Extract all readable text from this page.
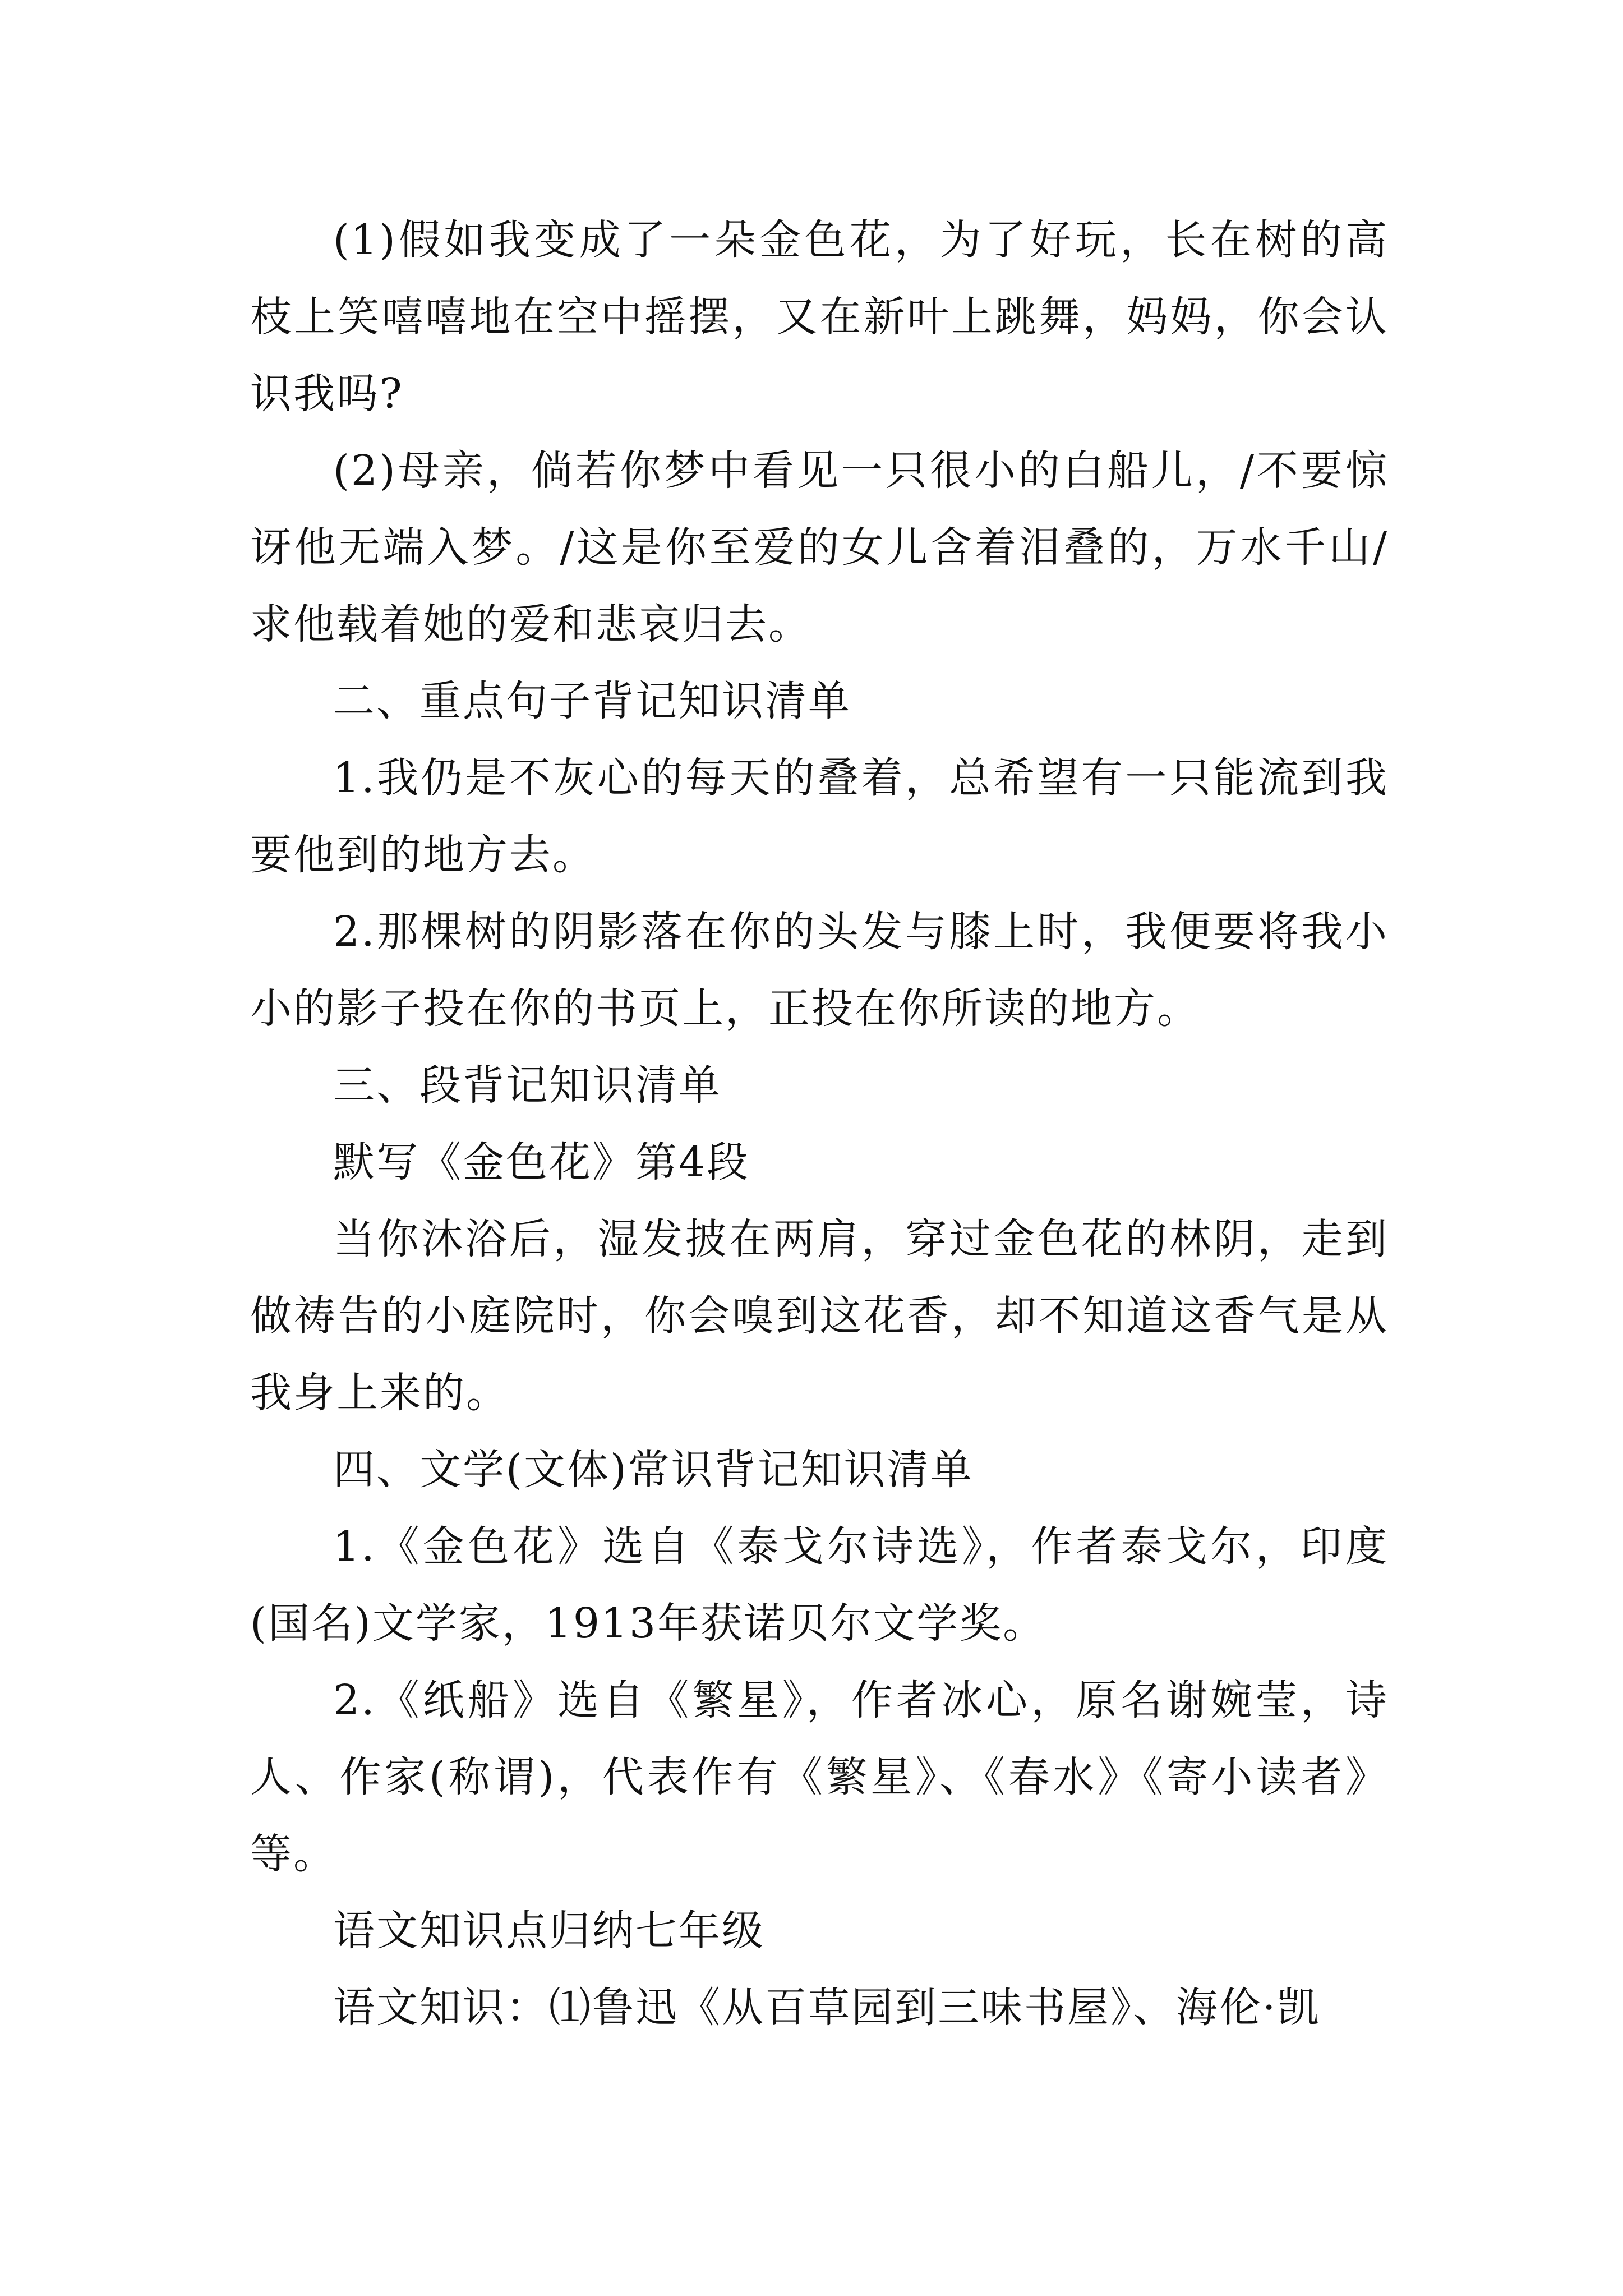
(1)假如我变成了一朵金色花，为了好玩，长在树的高枝上笑嘻嘻地在空中摇摆，又在新叶上跳舞，妈妈，你会认识我吗?

(2)母亲，倘若你梦中看见一只很小的白船儿，/不要惊讶他无端入梦。/这是你至爱的女儿含着泪叠的，万水千山/求他载着她的爱和悲哀归去。

二、重点句子背记知识清单

1.我仍是不灰心的每天的叠着，总希望有一只能流到我要他到的地方去。

2.那棵树的阴影落在你的头发与膝上时，我便要将我小小的影子投在你的书页上，正投在你所读的地方。

三、段背记知识清单

默写《金色花》第4段

当你沐浴后，湿发披在两肩，穿过金色花的林阴，走到做祷告的小庭院时，你会嗅到这花香，却不知道这香气是从我身上来的。

四、文学(文体)常识背记知识清单

1.《金色花》选自《泰戈尔诗选》，作者泰戈尔，印度(国名)文学家，1913年获诺贝尔文学奖。

2.《纸船》选自《繁星》，作者冰心，原名谢婉莹，诗人、作家(称谓)，代表作有《繁星》、《春水》《寄小读者》等。

语文知识点归纳七年级

语文知识：⑴鲁迅《从百草园到三味书屋》、海伦·凯
